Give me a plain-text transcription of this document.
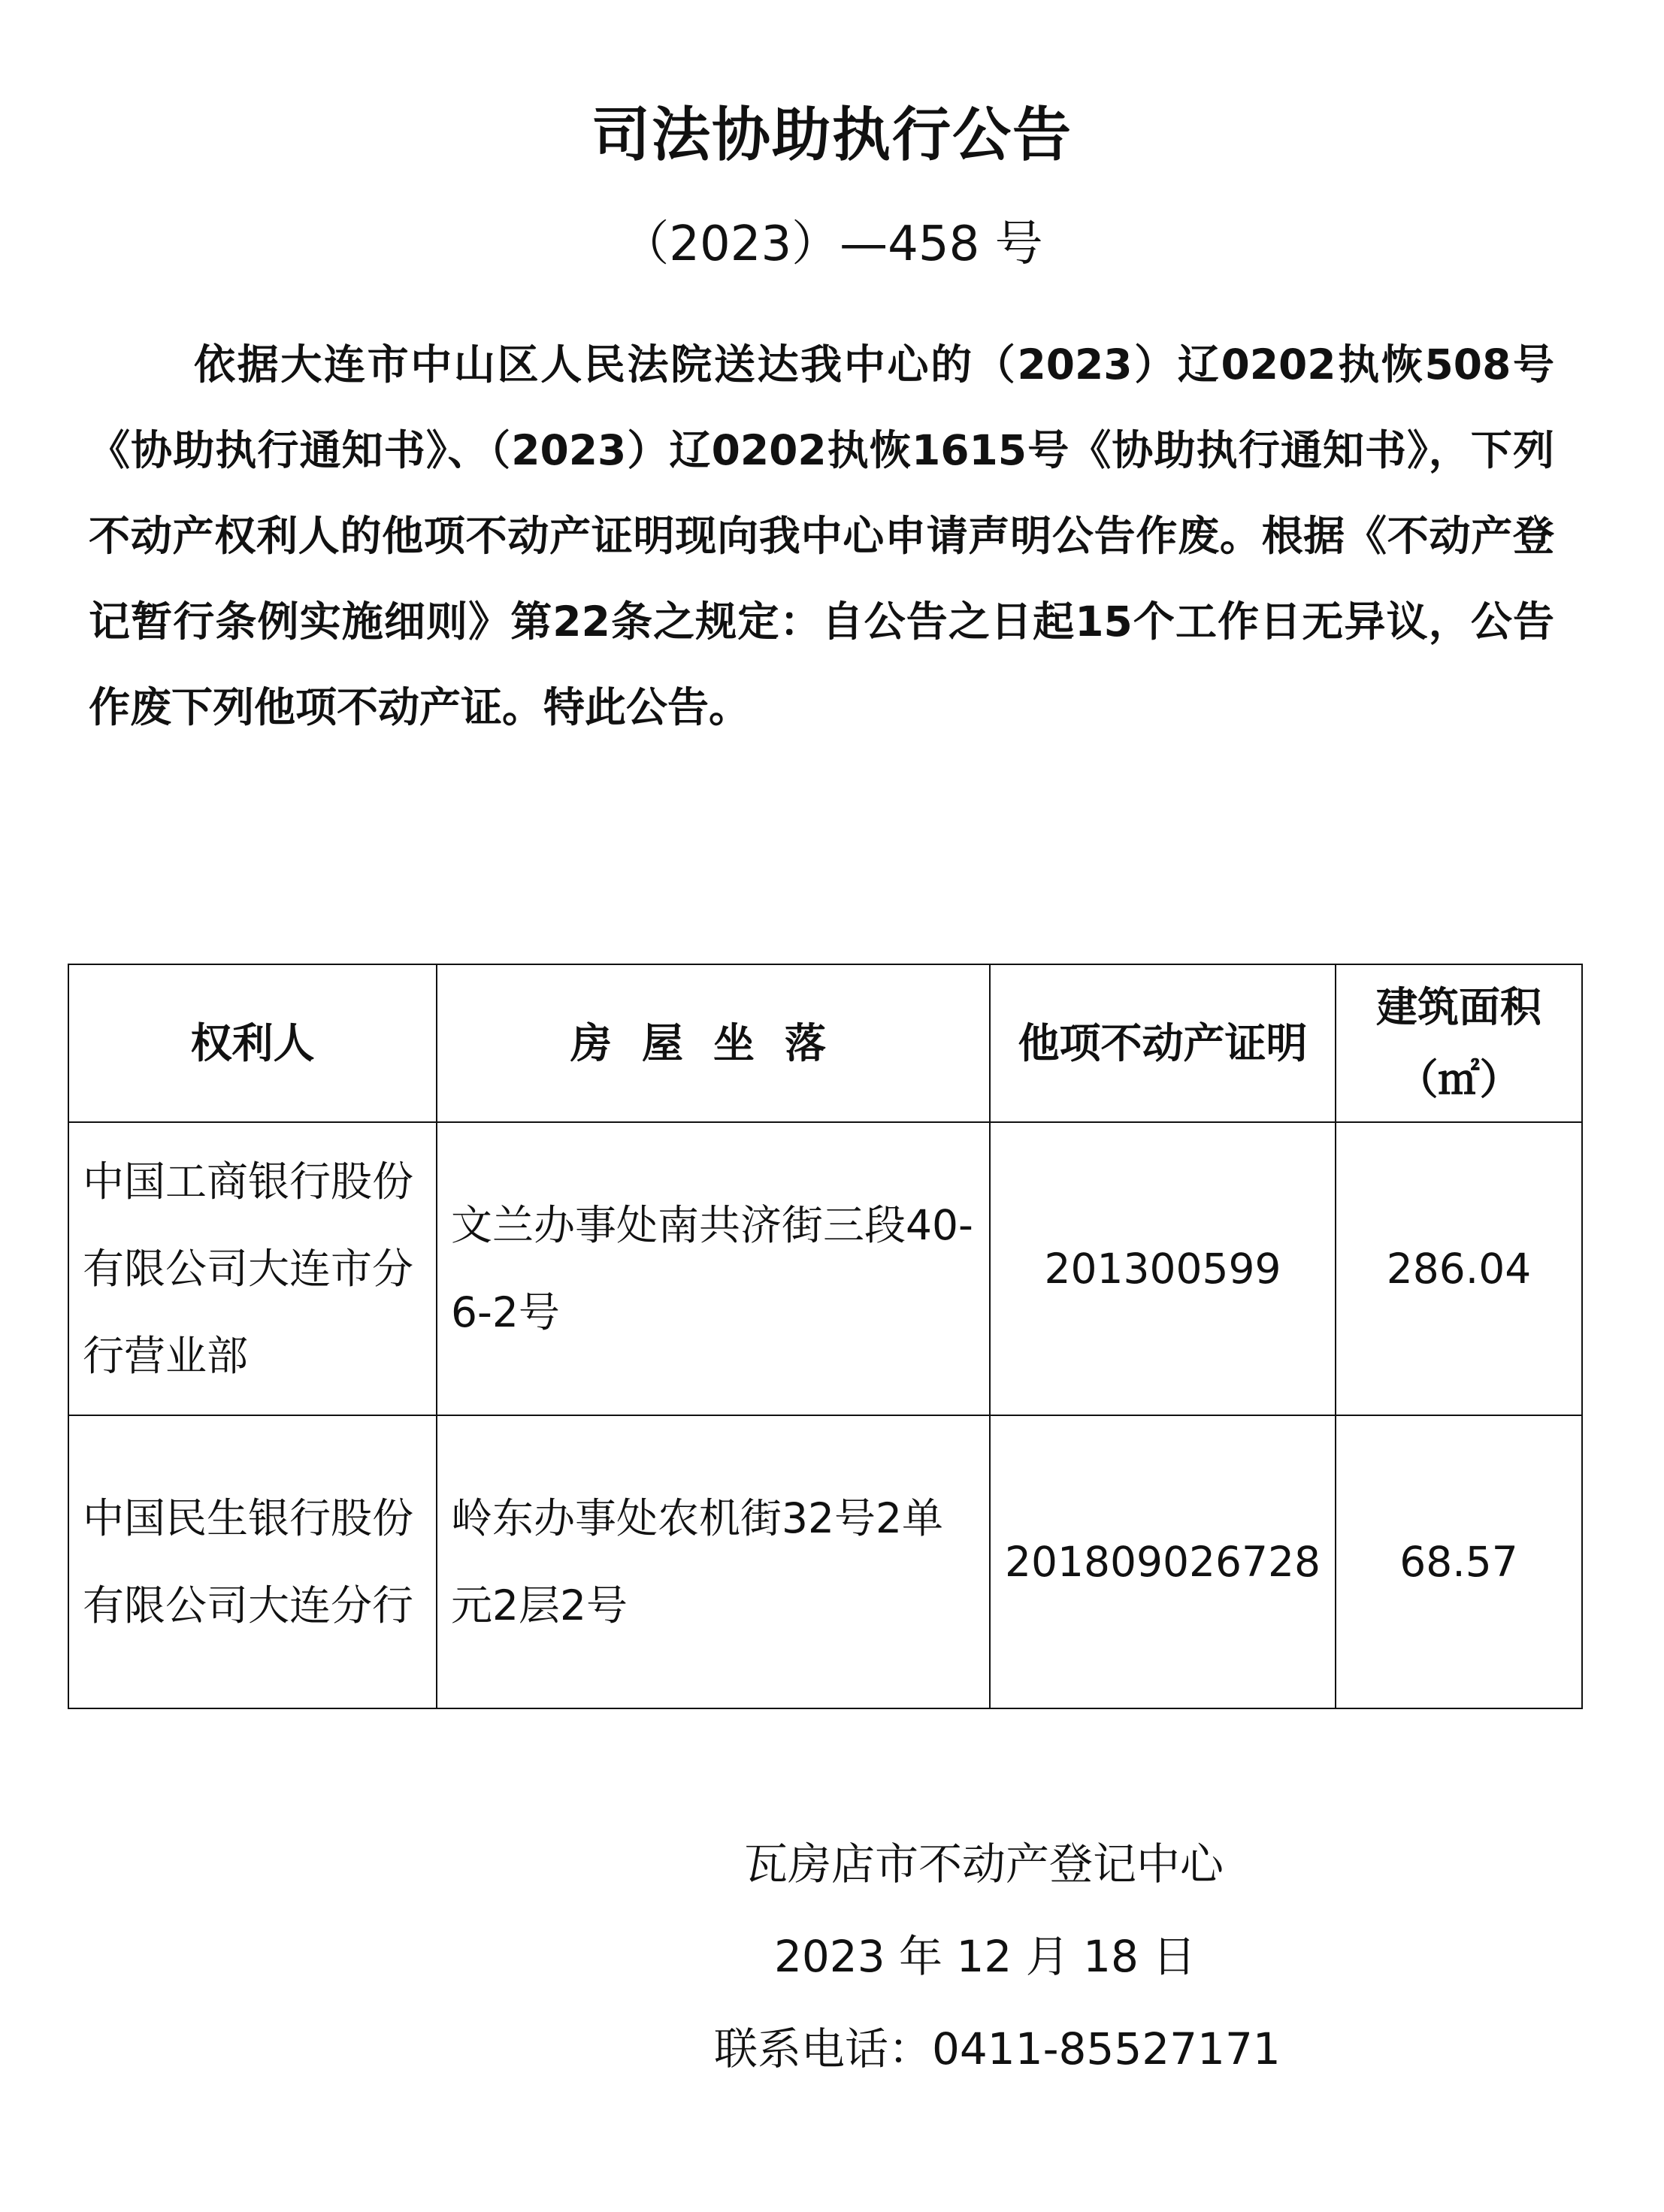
司法协助执行公告
（2023）—458 号

依据大连市中山区人民法院送达我中心的（2023）辽0202执恢508号《协助执行通知书》、（2023）辽0202执恢1615号《协助执行通知书》，下列不动产权利人的他项不动产证明现向我中心申请声明公告作废。根据《不动产登记暂行条例实施细则》第22条之规定：自公告之日起15个工作日无异议，公告作废下列他项不动产证。特此公告。

权利人	房屋坐落	他项不动产证明	建筑面积（㎡）
中国工商银行股份有限公司大连市分行营业部	文兰办事处南共济街三段40-6-2号	201300599	286.04
中国民生银行股份有限公司大连分行	岭东办事处农机街32号2单元2层2号	201809026728	68.57
瓦房店市不动产登记中心
2023 年 12 月 18 日
联系电话：0411-85527171
